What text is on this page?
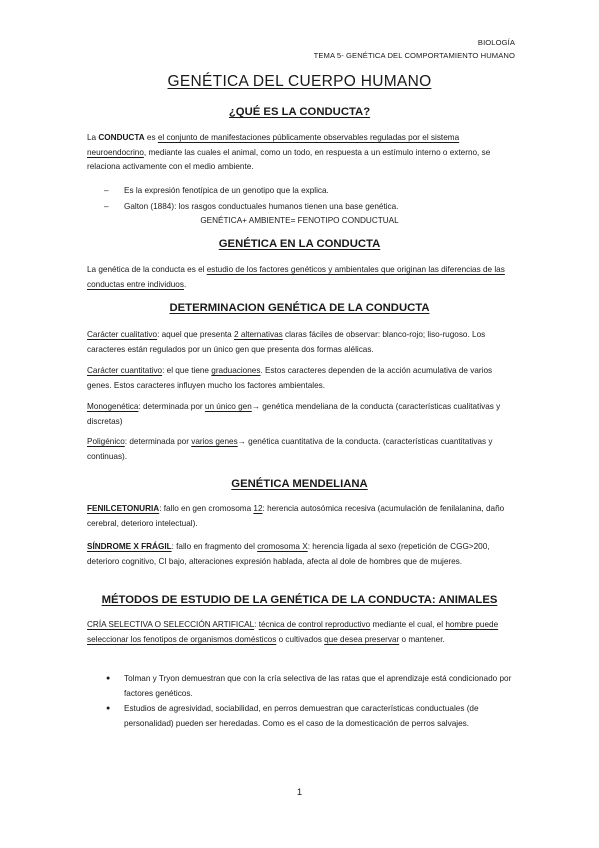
BIOLOGÍA
TEMA 5- GENÉTICA DEL COMPORTAMIENTO HUMANO
GENÉTICA DEL CUERPO HUMANO
¿QUÉ ES LA CONDUCTA?
La CONDUCTA es el conjunto de manifestaciones públicamente observables reguladas por el sistema neuroendocrino, mediante las cuales el animal, como un todo, en respuesta a un estímulo interno o externo, se relaciona activamente con el medio ambiente.
– Es la expresión fenotípica de un genotipo que la explica.
– Galton (1884): los rasgos conductuales humanos tienen una base genética.
GENÉTICA+ AMBIENTE= FENOTIPO CONDUCTUAL
GENÉTICA EN LA CONDUCTA
La genética de la conducta es el estudio de los factores genéticos y ambientales que originan las diferencias de las conductas entre individuos.
DETERMINACION GENÉTICA DE LA CONDUCTA
Carácter cualitativo: aquel que presenta 2 alternativas claras fáciles de observar: blanco-rojo; liso-rugoso. Los caracteres están regulados por un único gen que presenta dos formas alélicas.
Carácter cuantitativo: el que tiene graduaciones. Estos caracteres dependen de la acción acumulativa de varios genes. Estos caracteres influyen mucho los factores ambientales.
Monogenética: determinada por un único gen→ genética mendeliana de la conducta (características cualitativas y discretas)
Poligénico: determinada por varios genes→ genética cuantitativa de la conducta. (características cuantitativas y continuas).
GENÉTICA MENDELIANA
FENILCETONURIA: fallo en gen cromosoma 12: herencia autosómica recesiva (acumulación de fenilalanina, daño cerebral, deterioro intelectual).
SÍNDROME X FRÁGIL: fallo en fragmento del cromosoma X: herencia ligada al sexo (repetición de CGG>200, deterioro cognitivo, CI bajo, alteraciones expresión hablada, afecta al dole de hombres que de mujeres.
MÉTODOS DE ESTUDIO DE LA GENÉTICA DE LA CONDUCTA: ANIMALES
CRÍA SELECTIVA O SELECCIÓN ARTIFICAL: técnica de control reproductivo mediante el cual, el hombre puede seleccionar los fenotipos de organismos domésticos o cultivados que desea preservar o mantener.
● Tolman y Tryon demuestran que con la cría selectiva de las ratas que el aprendizaje está condicionado por factores genéticos.
● Estudios de agresividad, sociabilidad, en perros demuestran que características conductuales (de personalidad) pueden ser heredadas. Como es el caso de la domesticación de perros salvajes.
1
